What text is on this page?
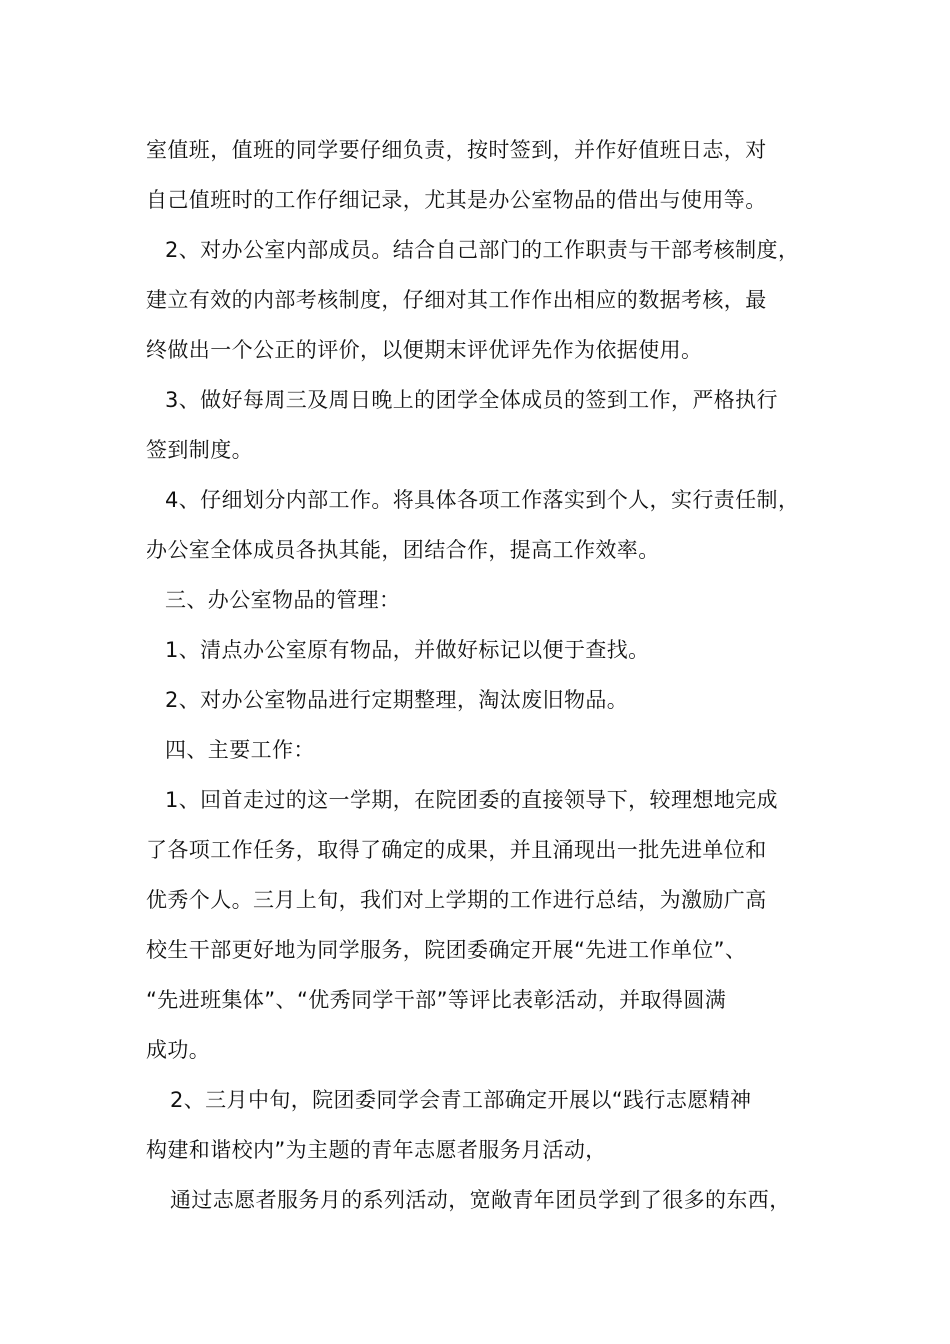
室值班，值班的同学要仔细负责，按时签到，并作好值班日志，对
自己值班时的工作仔细记录，尤其是办公室物品的借出与使用等。
2、对办公室内部成员。结合自己部门的工作职责与干部考核制度，
建立有效的内部考核制度，仔细对其工作作出相应的数据考核，最
终做出一个公正的评价，以便期末评优评先作为依据使用。
3、做好每周三及周日晚上的团学全体成员的签到工作，严格执行
签到制度。
4、仔细划分内部工作。将具体各项工作落实到个人，实行责任制，
办公室全体成员各执其能，团结合作，提高工作效率。
三、办公室物品的管理：
1、清点办公室原有物品，并做好标记以便于查找。
2、对办公室物品进行定期整理，淘汰废旧物品。
四、主要工作：
1、回首走过的这一学期，在院团委的直接领导下，较理想地完成
了各项工作任务，取得了确定的成果，并且涌现出一批先进单位和
优秀个人。三月上旬，我们对上学期的工作进行总结，为激励广高
校生干部更好地为同学服务，院团委确定开展“先进工作单位”、
“先进班集体”、“优秀同学干部”等评比表彰活动，并取得圆满
成功。
2、三月中旬，院团委同学会青工部确定开展以“践行志愿精神
构建和谐校内”为主题的青年志愿者服务月活动，
通过志愿者服务月的系列活动，宽敞青年团员学到了很多的东西，
